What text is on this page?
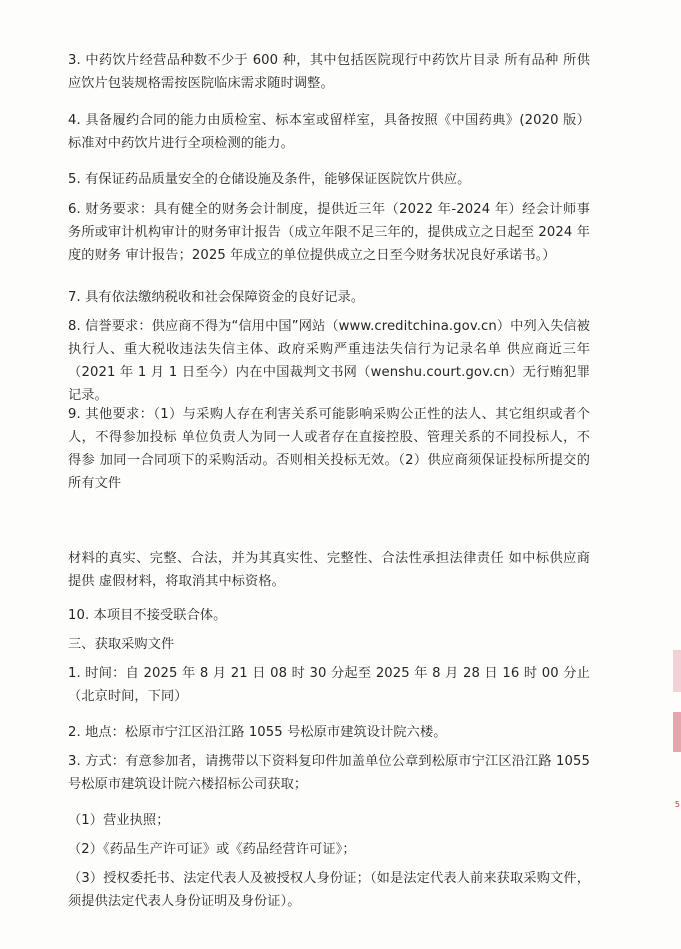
3. 中药饮片经营品种数不少于 600 种，其中包括医院现行中药饮片目录 所有品种 所供应饮片包装规格需按医院临床需求随时调整。

4. 具备履约合同的能力由质检室、标本室或留样室，具备按照《中国药典》(2020 版） 标准对中药饮片进行全项检测的能力。

5. 有保证药品质量安全的仓储设施及条件，能够保证医院饮片供应。

6. 财务要求：具有健全的财务会计制度，提供近三年（2022 年-2024 年）经会计师事务所或审计机构审计的财务审计报告（成立年限不足三年的，提供成立之日起至 2024 年度的财务 审计报告；2025 年成立的单位提供成立之日至今财务状况良好承诺书。）

7. 具有依法缴纳税收和社会保障资金的良好记录。

8. 信誉要求：供应商不得为“信用中国”网站（www.creditchina.gov.cn）中列入失信被执行人、重大税收违法失信主体、政府采购严重违法失信行为记录名单 供应商近三年（2021 年 1 月 1 日至今）内在中国裁判文书网（wenshu.court.gov.cn）无行贿犯罪记录。

9. 其他要求：（1）与采购人存在利害关系可能影响采购公正性的法人、其它组织或者个人，不得参加投标 单位负责人为同一人或者存在直接控股、管理关系的不同投标人，不得参 加同一合同项下的采购活动。否则相关投标无效。（2）供应商须保证投标所提交的所有文件

材料的真实、完整、合法，并为其真实性、完整性、合法性承担法律责任 如中标供应商提供 虚假材料，将取消其中标资格。

10. 本项目不接受联合体。

三、获取采购文件

1. 时间：自 2025 年 8 月 21 日 08 时 30 分起至 2025 年 8 月 28 日 16 时 00 分止（北京时间，下同）

2. 地点：松原市宁江区沿江路 1055 号松原市建筑设计院六楼。

3. 方式：有意参加者，请携带以下资料复印件加盖单位公章到松原市宁江区沿江路 1055 号松原市建筑设计院六楼招标公司获取；

（1）营业执照；

（2）《药品生产许可证》或《药品经营许可证》；

（3）授权委托书、法定代表人及被授权人身份证；（如是法定代表人前来获取采购文件，须提供法定代表人身份证明及身份证）。

5
